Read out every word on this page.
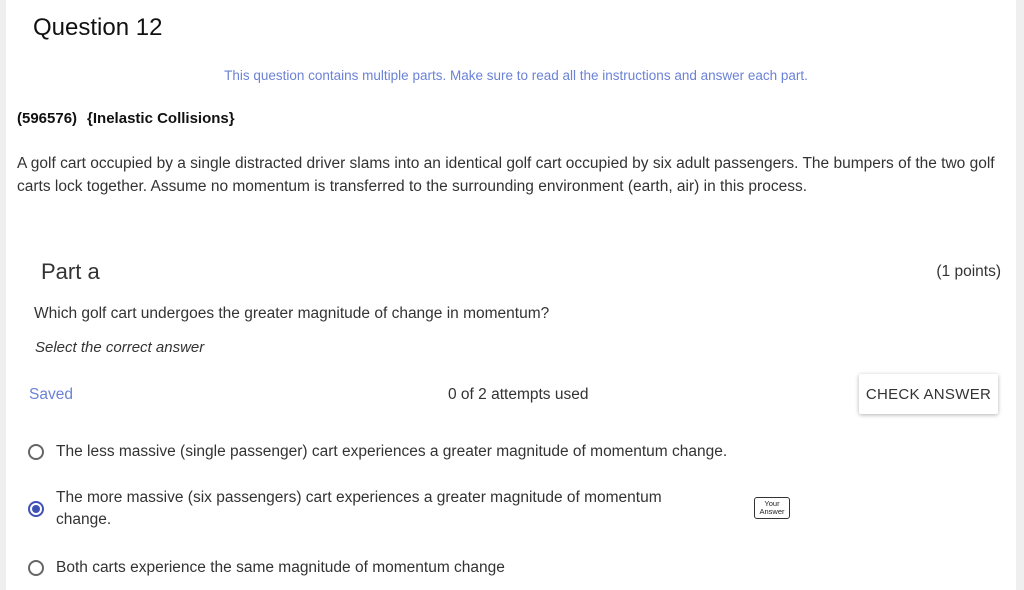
Question 12
This question contains multiple parts. Make sure to read all the instructions and answer each part.
(596576) {Inelastic Collisions}
A golf cart occupied by a single distracted driver slams into an identical golf cart occupied by six adult passengers. The bumpers of the two golf carts lock together. Assume no momentum is transferred to the surrounding environment (earth, air) in this process.
Part a	(1 points)
Which golf cart undergoes the greater magnitude of change in momentum?
Select the correct answer
Saved	0 of 2 attempts used	CHECK ANSWER
The less massive (single passenger) cart experiences a greater magnitude of momentum change.
The more massive (six passengers) cart experiences a greater magnitude of momentum change.
Your Answer
Both carts experience the same magnitude of momentum change
